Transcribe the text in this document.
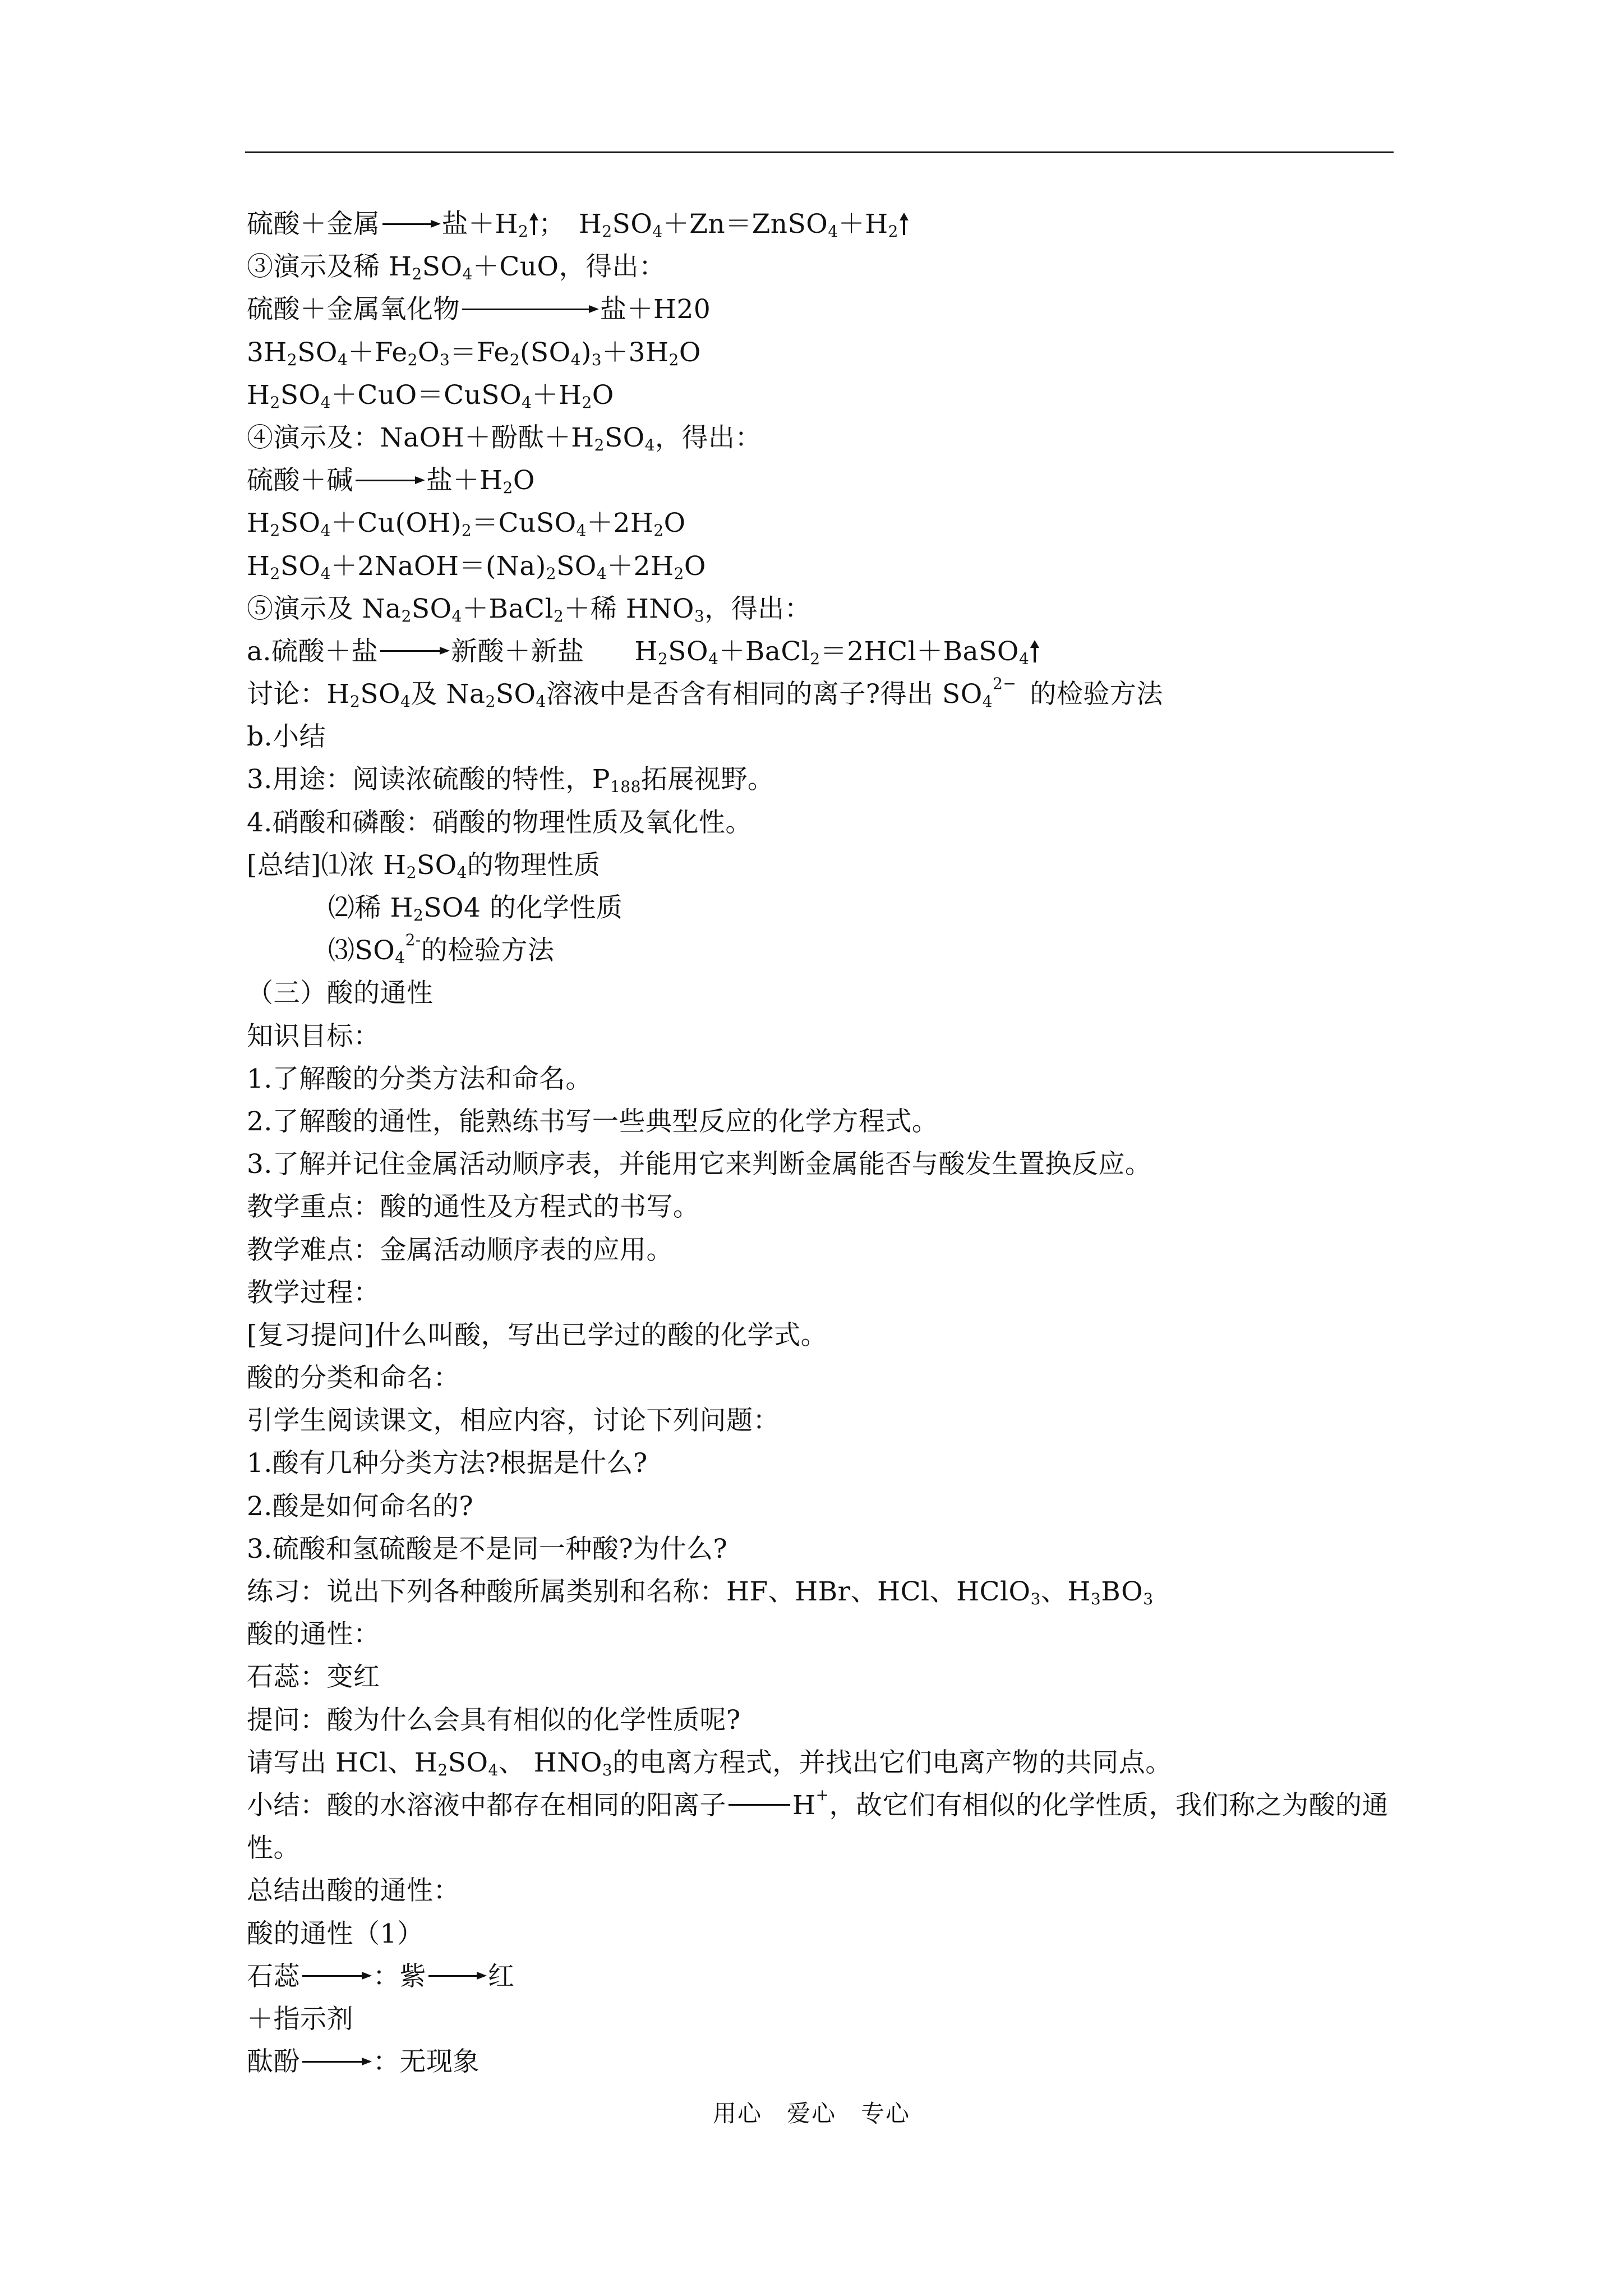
硫酸＋金属 盐$+H_2$ ；　$H_2SO_4+Zn=ZnSO_4+H_2$
③演示及稀 $H_2SO_4+CuO$，得出：
硫酸＋金属氧化物	盐＋H20
$3H_2SO_4+Fe_2O_3=Fe_2(SO_4)_3+3H_2O$
$H_2SO_4+CuO=CuSO_4+H_2O$
④演示及：NaOH＋酚酞$+H_2SO_4$，得出：
硫酸＋碱	盐$+H_2O$
$H_2SO_4+Cu(OH)_2=CuSO_4+2H_2O$
$H_2SO_4+2NaOH=(Na)_2SO_4+2H_2O$
⑤演示及 $Na_2SO_4+BaCl_2+$稀 $HNO_3$，得出：
a.硫酸＋盐	新酸＋新盐 $H_2SO_4+BaCl_2=2HCl+BaSO_4$
讨论：$H_2SO_4$及 $Na_2SO_4$溶液中是否含有相同的离子?得出 $SO_4^{2-}$ 的检验方法
b.小结
3.用途：阅读浓硫酸的特性，$P_{188}$拓展视野。
4.硝酸和磷酸：硝酸的物理性质及氧化性。
[总结]⑴浓 $H_2SO_4$的物理性质
⑵稀 $H_2SO4$ 的化学性质
$⑶SO_4^{2-}$的检验方法
（三）酸的通性
知识目标：
1.了解酸的分类方法和命名。
2.了解酸的通性，能熟练书写一些典型反应的化学方程式。
3.了解并记住金属活动顺序表，并能用它来判断金属能否与酸发生置换反应。
教学重点：酸的通性及方程式的书写。
教学难点：金属活动顺序表的应用。
教学过程：
[复习提问]什么叫酸，写出已学过的酸的化学式。
酸的分类和命名：
引学生阅读课文，相应内容，讨论下列问题：
1.酸有几种分类方法?根据是什么?
2.酸是如何命名的?
3.硫酸和氢硫酸是不是同一种酸?为什么?
练习：说出下列各种酸所属类别和名称：HF、HBr、HCl、HClO$_3$、$H_3BO_3$
酸的通性：
石蕊：变红
提问：酸为什么会具有相似的化学性质呢?
请写出 HCl、$H_2SO_4$、 $HNO_3$的电离方程式，并找出它们电离产物的共同点。
小结：酸的水溶液中都存在相同的阳离子	H+，故它们有相似的化学性质，我们称之为酸的通性。
总结出酸的通性：
酸的通性（1）
石蕊	：紫 红
＋指示剂
酞酚	：无现象
用心　爱心　专心
